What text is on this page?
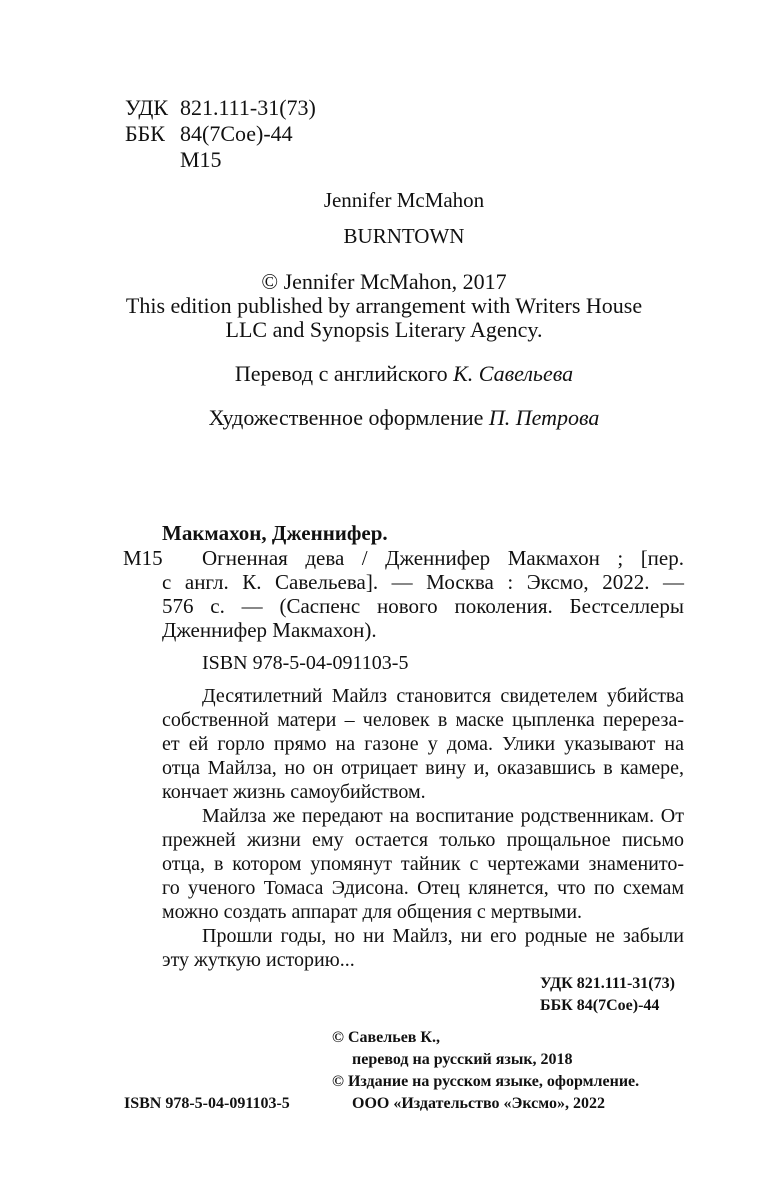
УДК 821.111-31(73)
ББК 84(7Сое)-44
М15
Jennifer McMahon
BURNTOWN
© Jennifer McMahon, 2017
This edition published by arrangement with Writers House
LLC and Synopsis Literary Agency.
Перевод с английского К. Савельева
Художественное оформление П. Петрова
Макмахон, Дженнифер.
М15 Огненная дева / Дженнифер Макмахон ; [пер.
с англ. К. Савельева]. — Москва : Эксмо, 2022. —
576 с. — (Саспенс нового поколения. Бестселлеры
Дженнифер Макмахон).
ISBN 978-5-04-091103-5
Десятилетний Майлз становится свидетелем убийства
собственной матери – человек в маске цыпленка перереза-
ет ей горло прямо на газоне у дома. Улики указывают на
отца Майлза, но он отрицает вину и, оказавшись в камере,
кончает жизнь самоубийством.
Майлза же передают на воспитание родственникам. От
прежней жизни ему остается только прощальное письмо
отца, в котором упомянут тайник с чертежами знаменито-
го ученого Томаса Эдисона. Отец клянется, что по схемам
можно создать аппарат для общения с мертвыми.
Прошли годы, но ни Майлз, ни его родные не забыли
эту жуткую историю...
УДК 821.111-31(73)
ББК 84(7Сое)-44
© Савельев К.,
перевод на русский язык, 2018
© Издание на русском языке, оформление.
ООО «Издательство «Эксмо», 2022
ISBN 978-5-04-091103-5
